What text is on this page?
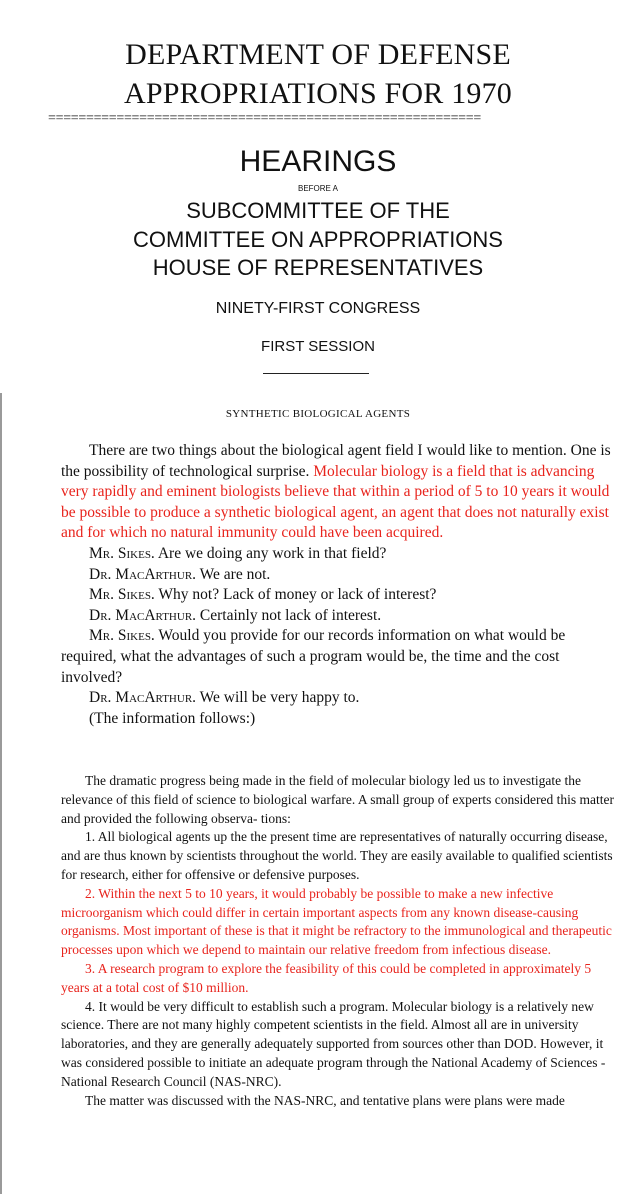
DEPARTMENT OF DEFENSE
APPROPRIATIONS FOR 1970
=========================================================
HEARINGS
BEFORE A
SUBCOMMITTEE OF THE
COMMITTEE ON APPROPRIATIONS
HOUSE OF REPRESENTATIVES
NINETY-FIRST CONGRESS
FIRST SESSION
SYNTHETIC BIOLOGICAL AGENTS

There are two things about the biological agent field I would like to mention. One is the possibility of technological surprise. Molecular biology is a field that is advancing very rapidly and eminent biologists believe that within a period of 5 to 10 years it would be possible to produce a synthetic biological agent, an agent that does not naturally exist and for which no natural immunity could have been acquired.

Mr. Sikes. Are we doing any work in that field?

Dr. MacArthur. We are not.

Mr. Sikes. Why not? Lack of money or lack of interest?

Dr. MacArthur. Certainly not lack of interest.

Mr. Sikes. Would you provide for our records information on what would be required, what the advantages of such a program would be, the time and the cost involved?

Dr. MacArthur. We will be very happy to.

(The information follows:)

The dramatic progress being made in the field of molecular biology led us to investigate the relevance of this field of science to biological warfare. A small group of experts considered this matter and provided the following observa- tions:

1. All biological agents up the the present time are representatives of naturally occurring disease, and are thus known by scientists throughout the world. They are easily available to qualified scientists for research, either for offensive or defensive purposes.

2. Within the next 5 to 10 years, it would probably be possible to make a new infective microorganism which could differ in certain important aspects from any known disease-causing organisms. Most important of these is that it might be refractory to the immunological and therapeutic processes upon which we depend to maintain our relative freedom from infectious disease.

3. A research program to explore the feasibility of this could be completed in approximately 5 years at a total cost of $10 million.

4. It would be very difficult to establish such a program. Molecular biology is a relatively new science. There are not many highly competent scientists in the field. Almost all are in university laboratories, and they are generally adequately supported from sources other than DOD. However, it was considered possible to initiate an adequate program through the National Academy of Sciences - National Research Council (NAS-NRC).

The matter was discussed with the NAS-NRC, and tentative plans were plans were made
